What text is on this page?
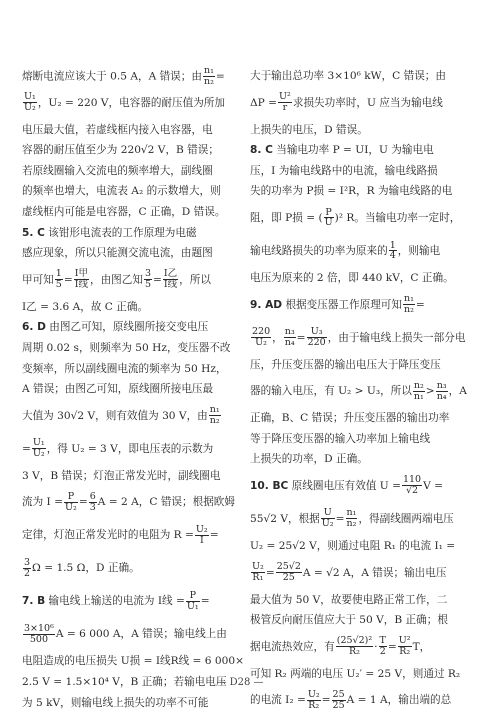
熔断电流应该大于 0.5 A，A 错误；由 $\frac{\text{n₁}}{\text{n₂}}$ =
$\frac{\text{U₁}}{\text{U₂}}$ ，U₂ = 220 V，电容器的耐压值为所加
电压最大值，若虚线框内接入电容器，电
容器的耐压值至少为 220√2 V，B 错误；
若原线圈输入交流电的频率增大，副线圈
的频率也增大，电流表 A₂ 的示数增大，则
虚线框内可能是电容器，C 正确，D 错误。
5. C 该钳形电流表的工作原理为电磁
感应现象，所以只能测交流电流，由题图
甲可知 $\frac{1}{5} = \frac{\text{I甲}}{\text{I线}}$ ，由图乙知 $\frac{3}{5} = \frac{\text{I乙}}{\text{I线}}$ ，所以
I乙 = 3.6 A，故 C 正确。
6. D 由图乙可知，原线圈所接交变电压
周期 0.02 s，则频率为 50 Hz，变压器不改
变频率，所以副线圈电流的频率为 50 Hz，
A 错误；由图乙可知，原线圈所接电压最
大值为 30√2 V，则有效值为 30 V，由 $\frac{\text{n₁}}{\text{n₂}}$
= $\frac{\text{U₁}}{\text{U₂}}$ ，得 U₂ = 3 V，即电压表的示数为
3 V，B 错误；灯泡正常发光时，副线圈电
流为 $I = \frac{P}{\text{U₂}} = \frac{6}{3}$ A = 2 A，C 错误；根据欧姆
定律，灯泡正常发光时的电阻为 $R = \frac{\text{U₂}}{I}$ =
$\frac{3}{2}$ Ω = 1.5 Ω，D 正确。
7. B 输电线上输送的电流为 I线 = $\frac{P}{\text{U₁}}$ =
$\frac{\text{3×10⁶}}{500}$ A = 6 000 A，A 错误；输电线上由
电阻造成的电压损失 U损 = I线R线 = 6 000×
2.5 V = 1.5×10⁴ V，B 正确；若输电电压
为 5 kV，则输电线上损失的功率不可能
大于输出总功率 3×10⁶ kW，C 错误；由
$\Delta P = \frac{\text{U²}}{r}$ 求损失功率时，U 应当为输电线
上损失的电压，D 错误。
8. C 当输电功率 P = UI，U 为输电电
压，I 为输电线路中的电流，输电线路损
失的功率为 P损 = I²R，R 为输电线路的电
阻，即 P损 = ( $\frac{P}{U} )^2$ R。当输电功率一定时，
输电线路损失的功率为原来的 $\frac{1}{4}$ ，则输电
电压为原来的 2 倍，即 440 kV，C 正确。
9. AD 根据变压器工作原理可知 $\frac{\text{n₁}}{\text{n₂}}$ =
$\frac{220}{\text{U₂}}$ ， $\frac{\text{n₃}}{\text{n₄}} = \frac{\text{U₃}}{220}$ ，由于输电线上损失一部分电
压，升压变压器的输出电压大于降压变压
器的输入电压，有 U₂ > U₃，所以 $\frac{\text{n₂}}{\text{n₁}} > \frac{\text{n₃}}{\text{n₄}}$ ，A
正确，B、C 错误；升压变压器的输出功率
等于降压变压器的输入功率加上输电线
上损失的功率，D 正确。
10. BC 原线圈电压有效值 $U = \frac{110}{√2}$ V =
55√2 V，根据 $\frac{U}{\text{U₂}} = \frac{\text{n₁}}{\text{n₂}}$ ，得副线圈两端电压
U₂ = 25√2 V，则通过电阻 R₁ 的电流 I₁ =
$\frac{\text{U₂}}{\text{R₁}} = \frac{25√2}{25}$ A = √2 A，A 错误；输出电压
最大值为 50 V，故要使电路正常工作，二
极管反向耐压值应大于 50 V，B 正确；根
据电流热效应，有 $\frac{\text{(25√2)²}}{\text{R₂}} \cdot \frac{T}{2} = \frac{\text{U²}}{\text{R₂}}$ T，
可知 R₂ 两端的电压 U₂′ = 25 V，则通过 R₂
的电流 $I_2 = \frac{\text{U₂}}{\text{R₂}} = \frac{25}{25}$ A = 1 A，输出端的总
— D28 —
